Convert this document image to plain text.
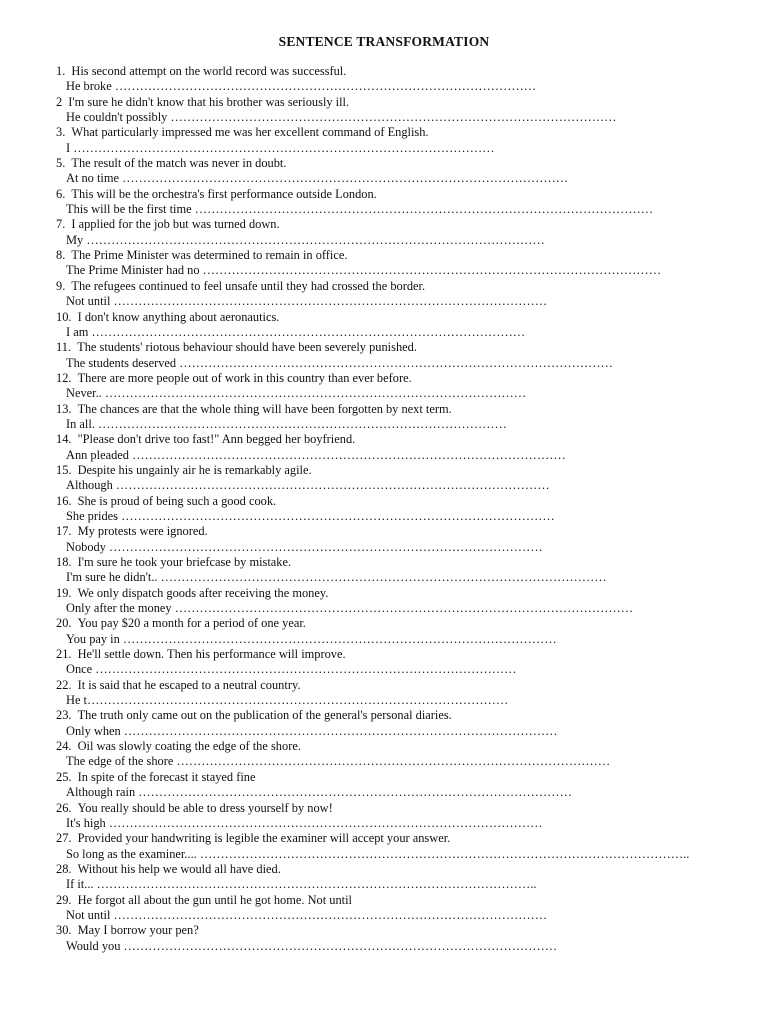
SENTENCE TRANSFORMATION
1. His second attempt on the world record was successful.
He broke …………………………………………………………………………………………
2 I'm sure he didn't know that his brother was seriously ill.
He couldn't possibly ………………………………………………………………………………………………
3. What particularly impressed me was her excellent command of English.
I …………………………………………………………………………………………
5. The result of the match was never in doubt.
At no time ………………………………………………………………………………………………
6. This will be the orchestra's first performance outside London.
This will be the first time …………………………………………………………………………………………………
7. I applied for the job but was turned down.
My …………………………………………………………………………………………………
8. The Prime Minister was determined to remain in office.
The Prime Minister had no …………………………………………………………………………………………………
9. The refugees continued to feel unsafe until they had crossed the border.
Not until ……………………………………………………………………………………………
10. I don't know anything about aeronautics.
I am ……………………………………………………………………………………………
11. The students' riotous behaviour should have been severely punished.
The students deserved ……………………………………………………………………………………………
12. There are more people out of work in this country than ever before.
Never.. …………………………………………………………………………………………
13. The chances are that the whole thing will have been forgotten by next term.
In all. ………………………………………………………………………………………
14. "Please don't drive too fast!" Ann begged her boyfriend.
Ann pleaded ……………………………………………………………………………………………
15. Despite his ungainly air he is remarkably agile.
Although ……………………………………………………………………………………………
16. She is proud of being such a good cook.
She prides ……………………………………………………………………………………………
17. My protests were ignored.
Nobody ……………………………………………………………………………………………
18. I'm sure he took your briefcase by mistake.
I'm sure he didn't.. ………………………………………………………………………………………………
19. We only dispatch goods after receiving the money.
Only after the money …………………………………………………………………………………………………
20. You pay $20 a month for a period of one year.
You pay in ……………………………………………………………………………………………
21. He'll settle down. Then his performance will improve.
Once …………………………………………………………………………………………
22. It is said that he escaped to a neutral country.
He t…………………………………………………………………………………………
23. The truth only came out on the publication of the general's personal diaries.
Only when ……………………………………………………………………………………………
24. Oil was slowly coating the edge of the shore.
The edge of the shore ……………………………………………………………………………………………
25. In spite of the forecast it stayed fine
Although rain ……………………………………………………………………………………………
26. You really should be able to dress yourself by now!
It's high ……………………………………………………………………………………………
27. Provided your handwriting is legible the examiner will accept your answer.
So long as the examiner.... ………………………………………………………………………………………………………..
28. Without his help we would all have died.
If it... ……………………………………………………………………………………………..
29. He forgot all about the gun until he got home. Not until
Not until ……………………………………………………………………………………………
30. May I borrow your pen?
Would you ……………………………………………………………………………………………
